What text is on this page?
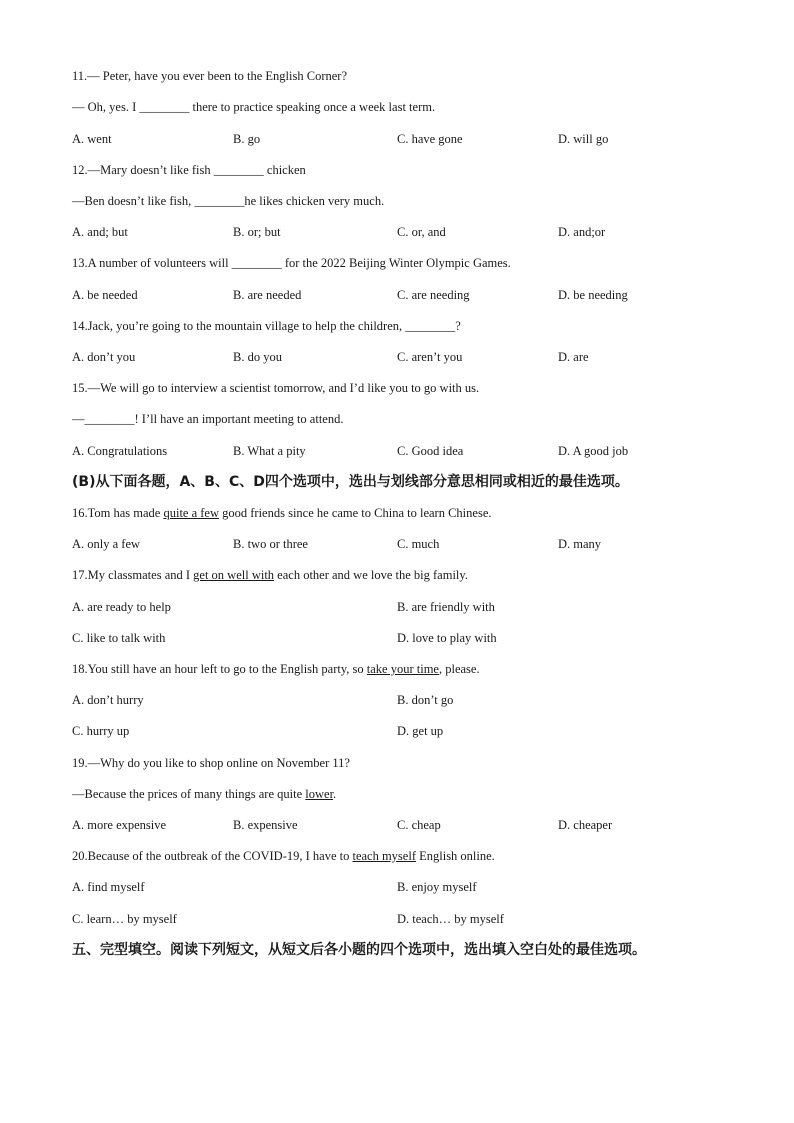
11.— Peter, have you ever been to the English Corner?
— Oh, yes. I ________ there to practice speaking once a week last term.
A. went	B. go	C. have gone	D. will go
12.—Mary doesn’t like fish ________ chicken
—Ben doesn’t like fish, ________he likes chicken very much.
A. and; but	B. or; but	C. or, and	D. and;or
13.A number of volunteers will ________ for the 2022 Beijing Winter Olympic Games.
A. be needed	B. are needed	C. are needing	D. be needing
14.Jack, you’re going to the mountain village to help the children, ________?
A. don’t you	B. do you	C. aren’t you	D. are
15.—We will go to interview a scientist tomorrow, and I’d like you to go with us.
—________! I’ll have an important meeting to attend.
A. Congratulations	B. What a pity	C. Good idea	D. A good job
(B)从下面各题，A、B、C、D四个选项中，选出与划线部分意思相同或相近的最佳选项。
16.Tom has made quite a few good friends since he came to China to learn Chinese.
A. only a few	B. two or three	C. much	D. many
17.My classmates and I get on well with each other and we love the big family.
A. are ready to help	B. are friendly with
C. like to talk with	D. love to play with
18.You still have an hour left to go to the English party, so take your time, please.
A. don’t hurry	B. don’t go
C. hurry up	D. get up
19.—Why do you like to shop online on November 11?
—Because the prices of many things are quite lower.
A. more expensive	B. expensive	C. cheap	D. cheaper
20.Because of the outbreak of the COVID-19, I have to teach myself English online.
A. find myself	B. enjoy myself
C. learn… by myself	D. teach… by myself
五、完型填空。阅读下列短文，从短文后各小题的四个选项中，选出填入空白处的最佳选项。
